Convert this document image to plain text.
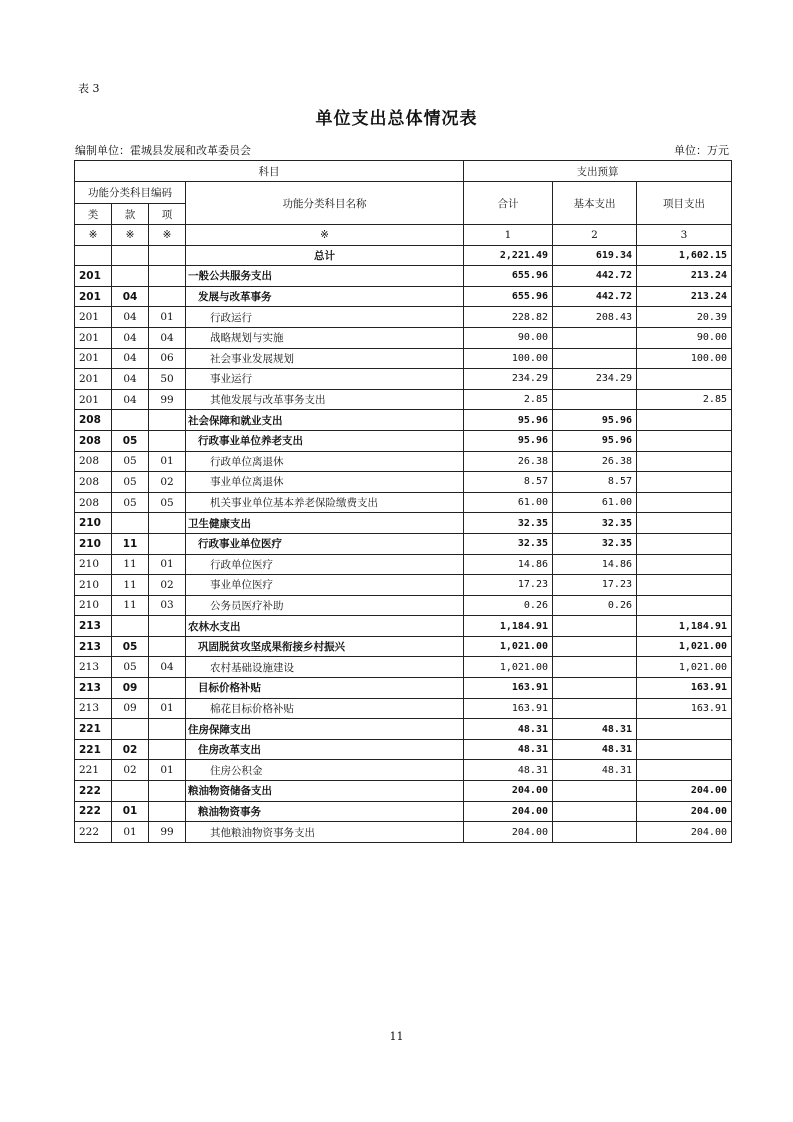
表 3
单位支出总体情况表
编制单位：霍城县发展和改革委员会	单位：万元
科目				支出预算		
功能分类科目编码			功能分类科目名称	合计	基本支出	项目支出
类	款	项				
※	※	※	※	1	2	3
			总计	2,221.49	619.34	1,602.15
201			一般公共服务支出	655.96	442.72	213.24
201	04		发展与改革事务	655.96	442.72	213.24
201	04	01	行政运行	228.82	208.43	20.39
201	04	04	战略规划与实施	90.00		90.00
201	04	06	社会事业发展规划	100.00		100.00
201	04	50	事业运行	234.29	234.29	
201	04	99	其他发展与改革事务支出	2.85		2.85
208			社会保障和就业支出	95.96	95.96	
208	05		行政事业单位养老支出	95.96	95.96	
208	05	01	行政单位离退休	26.38	26.38	
208	05	02	事业单位离退休	8.57	8.57	
208	05	05	机关事业单位基本养老保险缴费支出	61.00	61.00	
210			卫生健康支出	32.35	32.35	
210	11		行政事业单位医疗	32.35	32.35	
210	11	01	行政单位医疗	14.86	14.86	
210	11	02	事业单位医疗	17.23	17.23	
210	11	03	公务员医疗补助	0.26	0.26	
213			农林水支出	1,184.91		1,184.91
213	05		巩固脱贫攻坚成果衔接乡村振兴	1,021.00		1,021.00
213	05	04	农村基础设施建设	1,021.00		1,021.00
213	09		目标价格补贴	163.91		163.91
213	09	01	棉花目标价格补贴	163.91		163.91
221			住房保障支出	48.31	48.31	
221	02		住房改革支出	48.31	48.31	
221	02	01	住房公积金	48.31	48.31	
222			粮油物资储备支出	204.00		204.00
222	01		粮油物资事务	204.00		204.00
222	01	99	其他粮油物资事务支出	204.00		204.00
11
